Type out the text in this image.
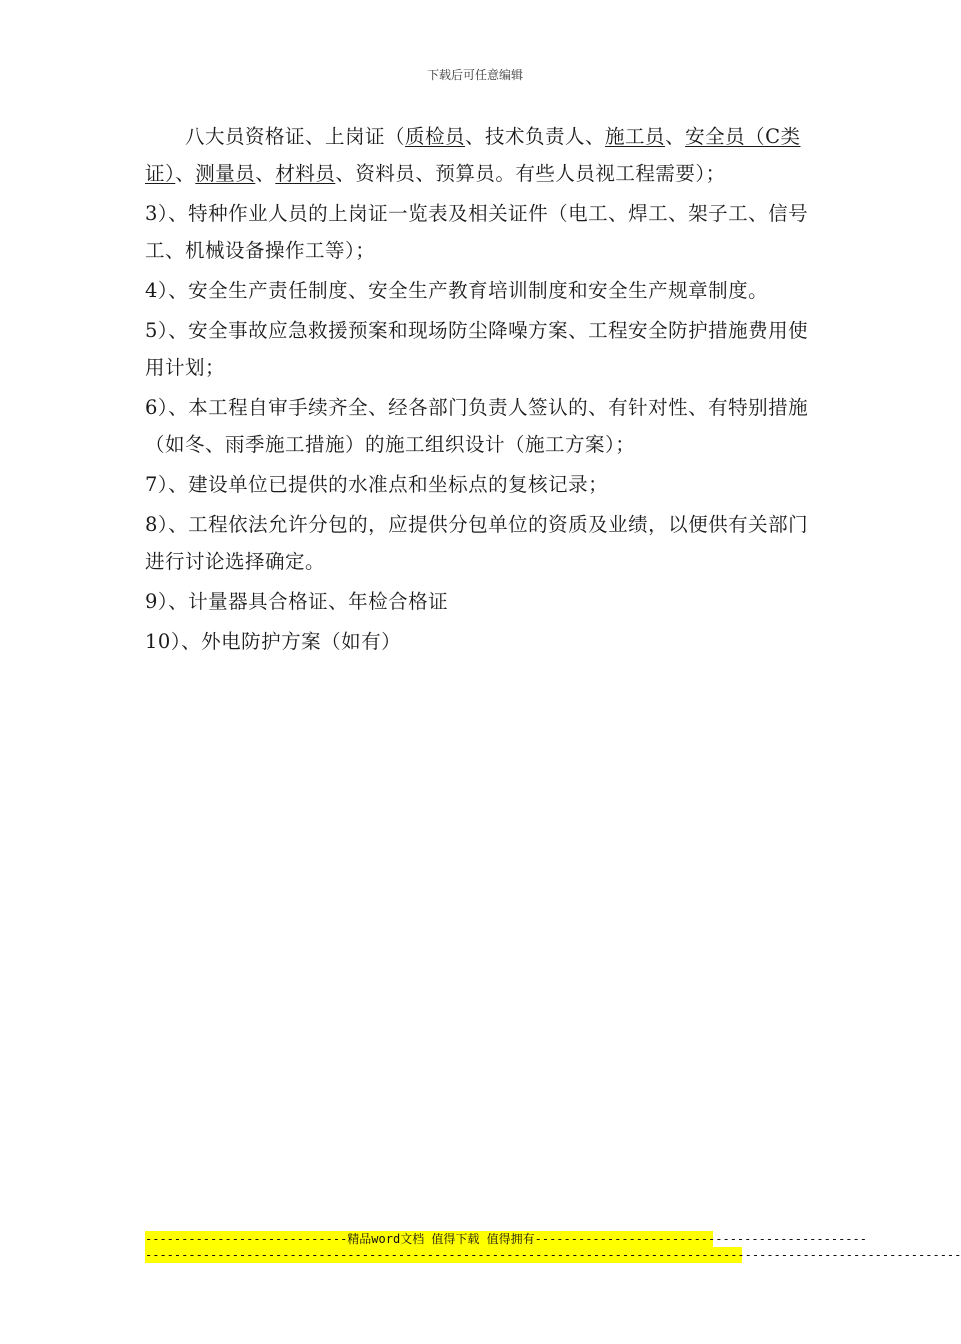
下载后可任意编辑

八大员资格证、上岗证（质检员、技术负责人、施工员、安全员（C类证）、测量员、材料员、资料员、预算员。有些人员视工程需要）；

3）、特种作业人员的上岗证一览表及相关证件（电工、焊工、架子工、信号工、机械设备操作工等）；

4）、安全生产责任制度、安全生产教育培训制度和安全生产规章制度。

5）、安全事故应急救援预案和现场防尘降噪方案、工程安全防护措施费用使用计划；

6）、本工程自审手续齐全、经各部门负责人签认的、有针对性、有特别措施（如冬、雨季施工措施）的施工组织设计（施工方案）；

7）、建设单位已提供的水准点和坐标点的复核记录；

8）、工程依法允许分包的，应提供分包单位的资质及业绩，以便供有关部门进行讨论选择确定。

9）、计量器具合格证、年检合格证

10）、外电防护方案（如有）

----------------------------精品word文档 值得下载 值得拥有----------------------------------------------
-----------------------------------------------------------------------------------------------------------------
